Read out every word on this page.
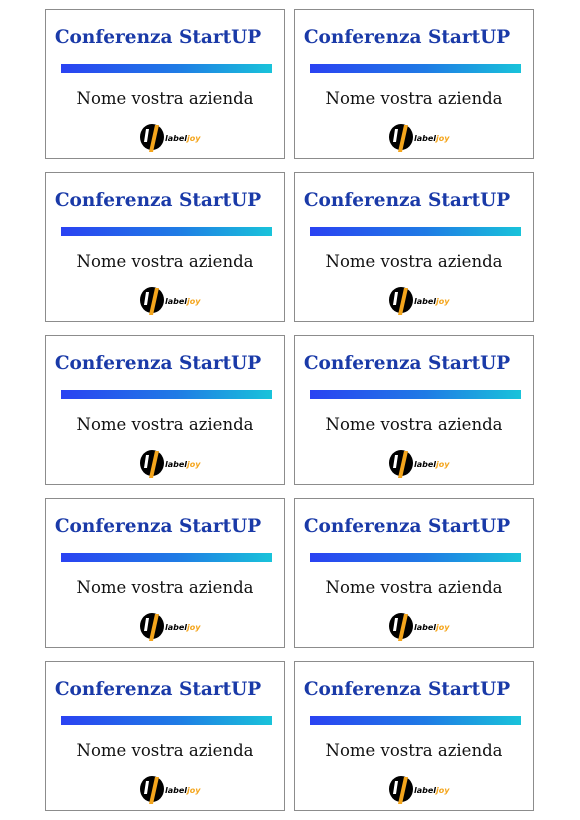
Conferenza StartUP
Nome vostra azienda
label joy
Conferenza StartUP
Nome vostra azienda
label joy
Conferenza StartUP
Nome vostra azienda
label joy
Conferenza StartUP
Nome vostra azienda
label joy
Conferenza StartUP
Nome vostra azienda
label joy
Conferenza StartUP
Nome vostra azienda
label joy
Conferenza StartUP
Nome vostra azienda
label joy
Conferenza StartUP
Nome vostra azienda
label joy
Conferenza StartUP
Nome vostra azienda
label joy
Conferenza StartUP
Nome vostra azienda
label joy
